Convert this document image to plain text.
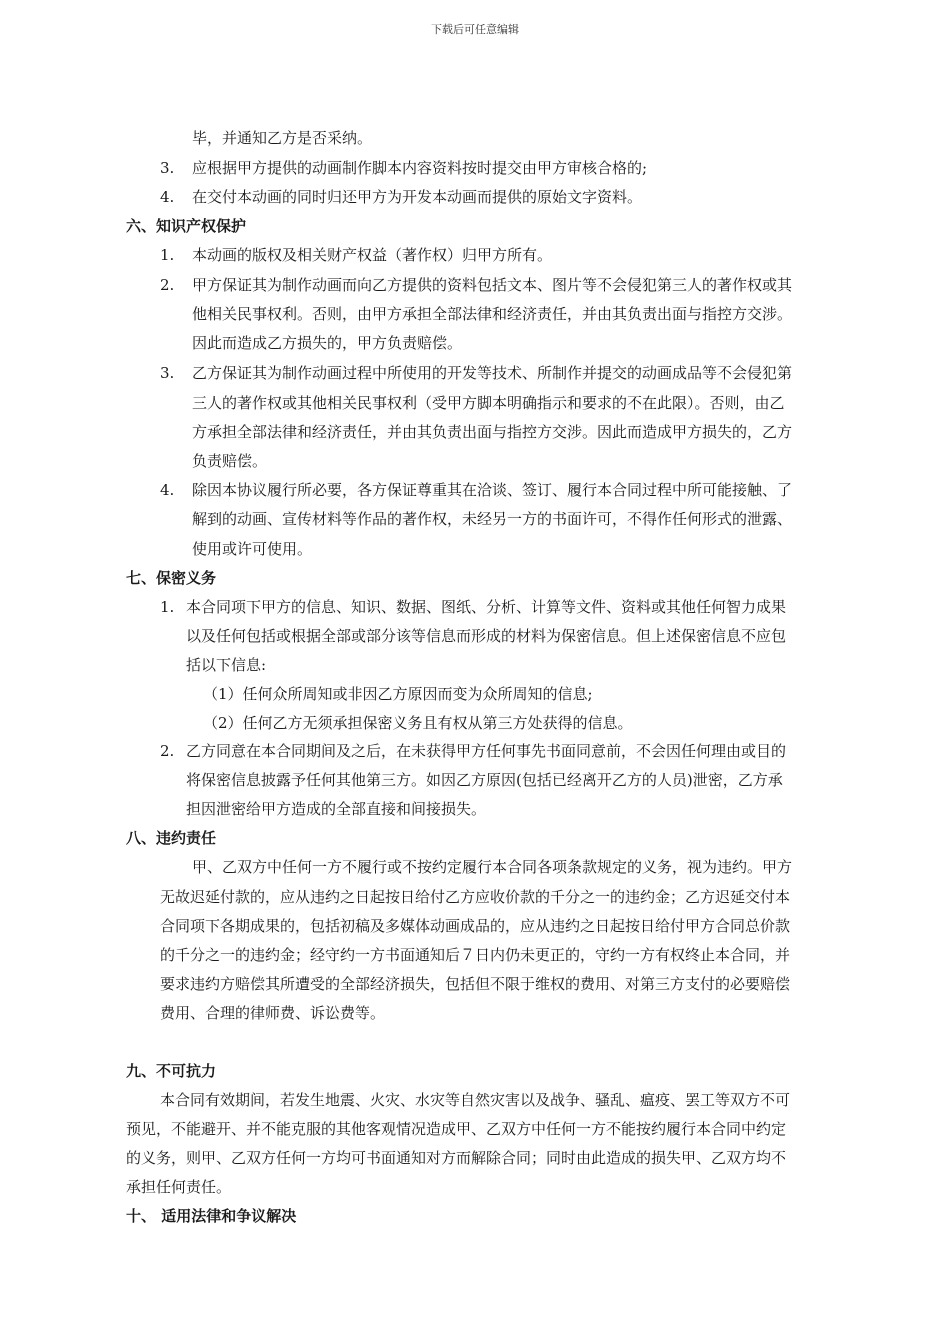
下载后可任意编辑
毕，并通知乙方是否采纳。
3. 应根据甲方提供的动画制作脚本内容资料按时提交由甲方审核合格的;
4. 在交付本动画的同时归还甲方为开发本动画而提供的原始文字资料。
六、知识产权保护
1. 本动画的版权及相关财产权益（著作权）归甲方所有。
2. 甲方保证其为制作动画而向乙方提供的资料包括文本、图片等不会侵犯第三人的著作权或其
他相关民事权利。否则，由甲方承担全部法律和经济责任，并由其负责出面与指控方交涉。
因此而造成乙方损失的，甲方负责赔偿。
3. 乙方保证其为制作动画过程中所使用的开发等技术、所制作并提交的动画成品等不会侵犯第
三人的著作权或其他相关民事权利（受甲方脚本明确指示和要求的不在此限）。否则，由乙
方承担全部法律和经济责任，并由其负责出面与指控方交涉。因此而造成甲方损失的，乙方
负责赔偿。
4. 除因本协议履行所必要，各方保证尊重其在洽谈、签订、履行本合同过程中所可能接触、了
解到的动画、宣传材料等作品的著作权，未经另一方的书面许可，不得作任何形式的泄露、
使用或许可使用。
七、保密义务
1. 本合同项下甲方的信息、知识、数据、图纸、分析、计算等文件、资料或其他任何智力成果
以及任何包括或根据全部或部分该等信息而形成的材料为保密信息。但上述保密信息不应包
括以下信息:
（1）任何众所周知或非因乙方原因而变为众所周知的信息;
（2）任何乙方无须承担保密义务且有权从第三方处获得的信息。
2. 乙方同意在本合同期间及之后，在未获得甲方任何事先书面同意前，不会因任何理由或目的
将保密信息披露予任何其他第三方。如因乙方原因(包括已经离开乙方的人员)泄密，乙方承
担因泄密给甲方造成的全部直接和间接损失。
八、违约责任
甲、乙双方中任何一方不履行或不按约定履行本合同各项条款规定的义务，视为违约。甲方
无故迟延付款的，应从违约之日起按日给付乙方应收价款的千分之一的违约金；乙方迟延交付本
合同项下各期成果的，包括初稿及多媒体动画成品的，应从违约之日起按日给付甲方合同总价款
的千分之一的违约金；经守约一方书面通知后７日内仍未更正的，守约一方有权终止本合同，并
要求违约方赔偿其所遭受的全部经济损失，包括但不限于维权的费用、对第三方支付的必要赔偿
费用、合理的律师费、诉讼费等。
九、不可抗力
本合同有效期间，若发生地震、火灾、水灾等自然灾害以及战争、骚乱、瘟疫、罢工等双方不可
预见，不能避开、并不能克服的其他客观情况造成甲、乙双方中任何一方不能按约履行本合同中约定
的义务，则甲、乙双方任何一方均可书面通知对方而解除合同；同时由此造成的损失甲、乙双方均不
承担任何责任。
十、 适用法律和争议解决
